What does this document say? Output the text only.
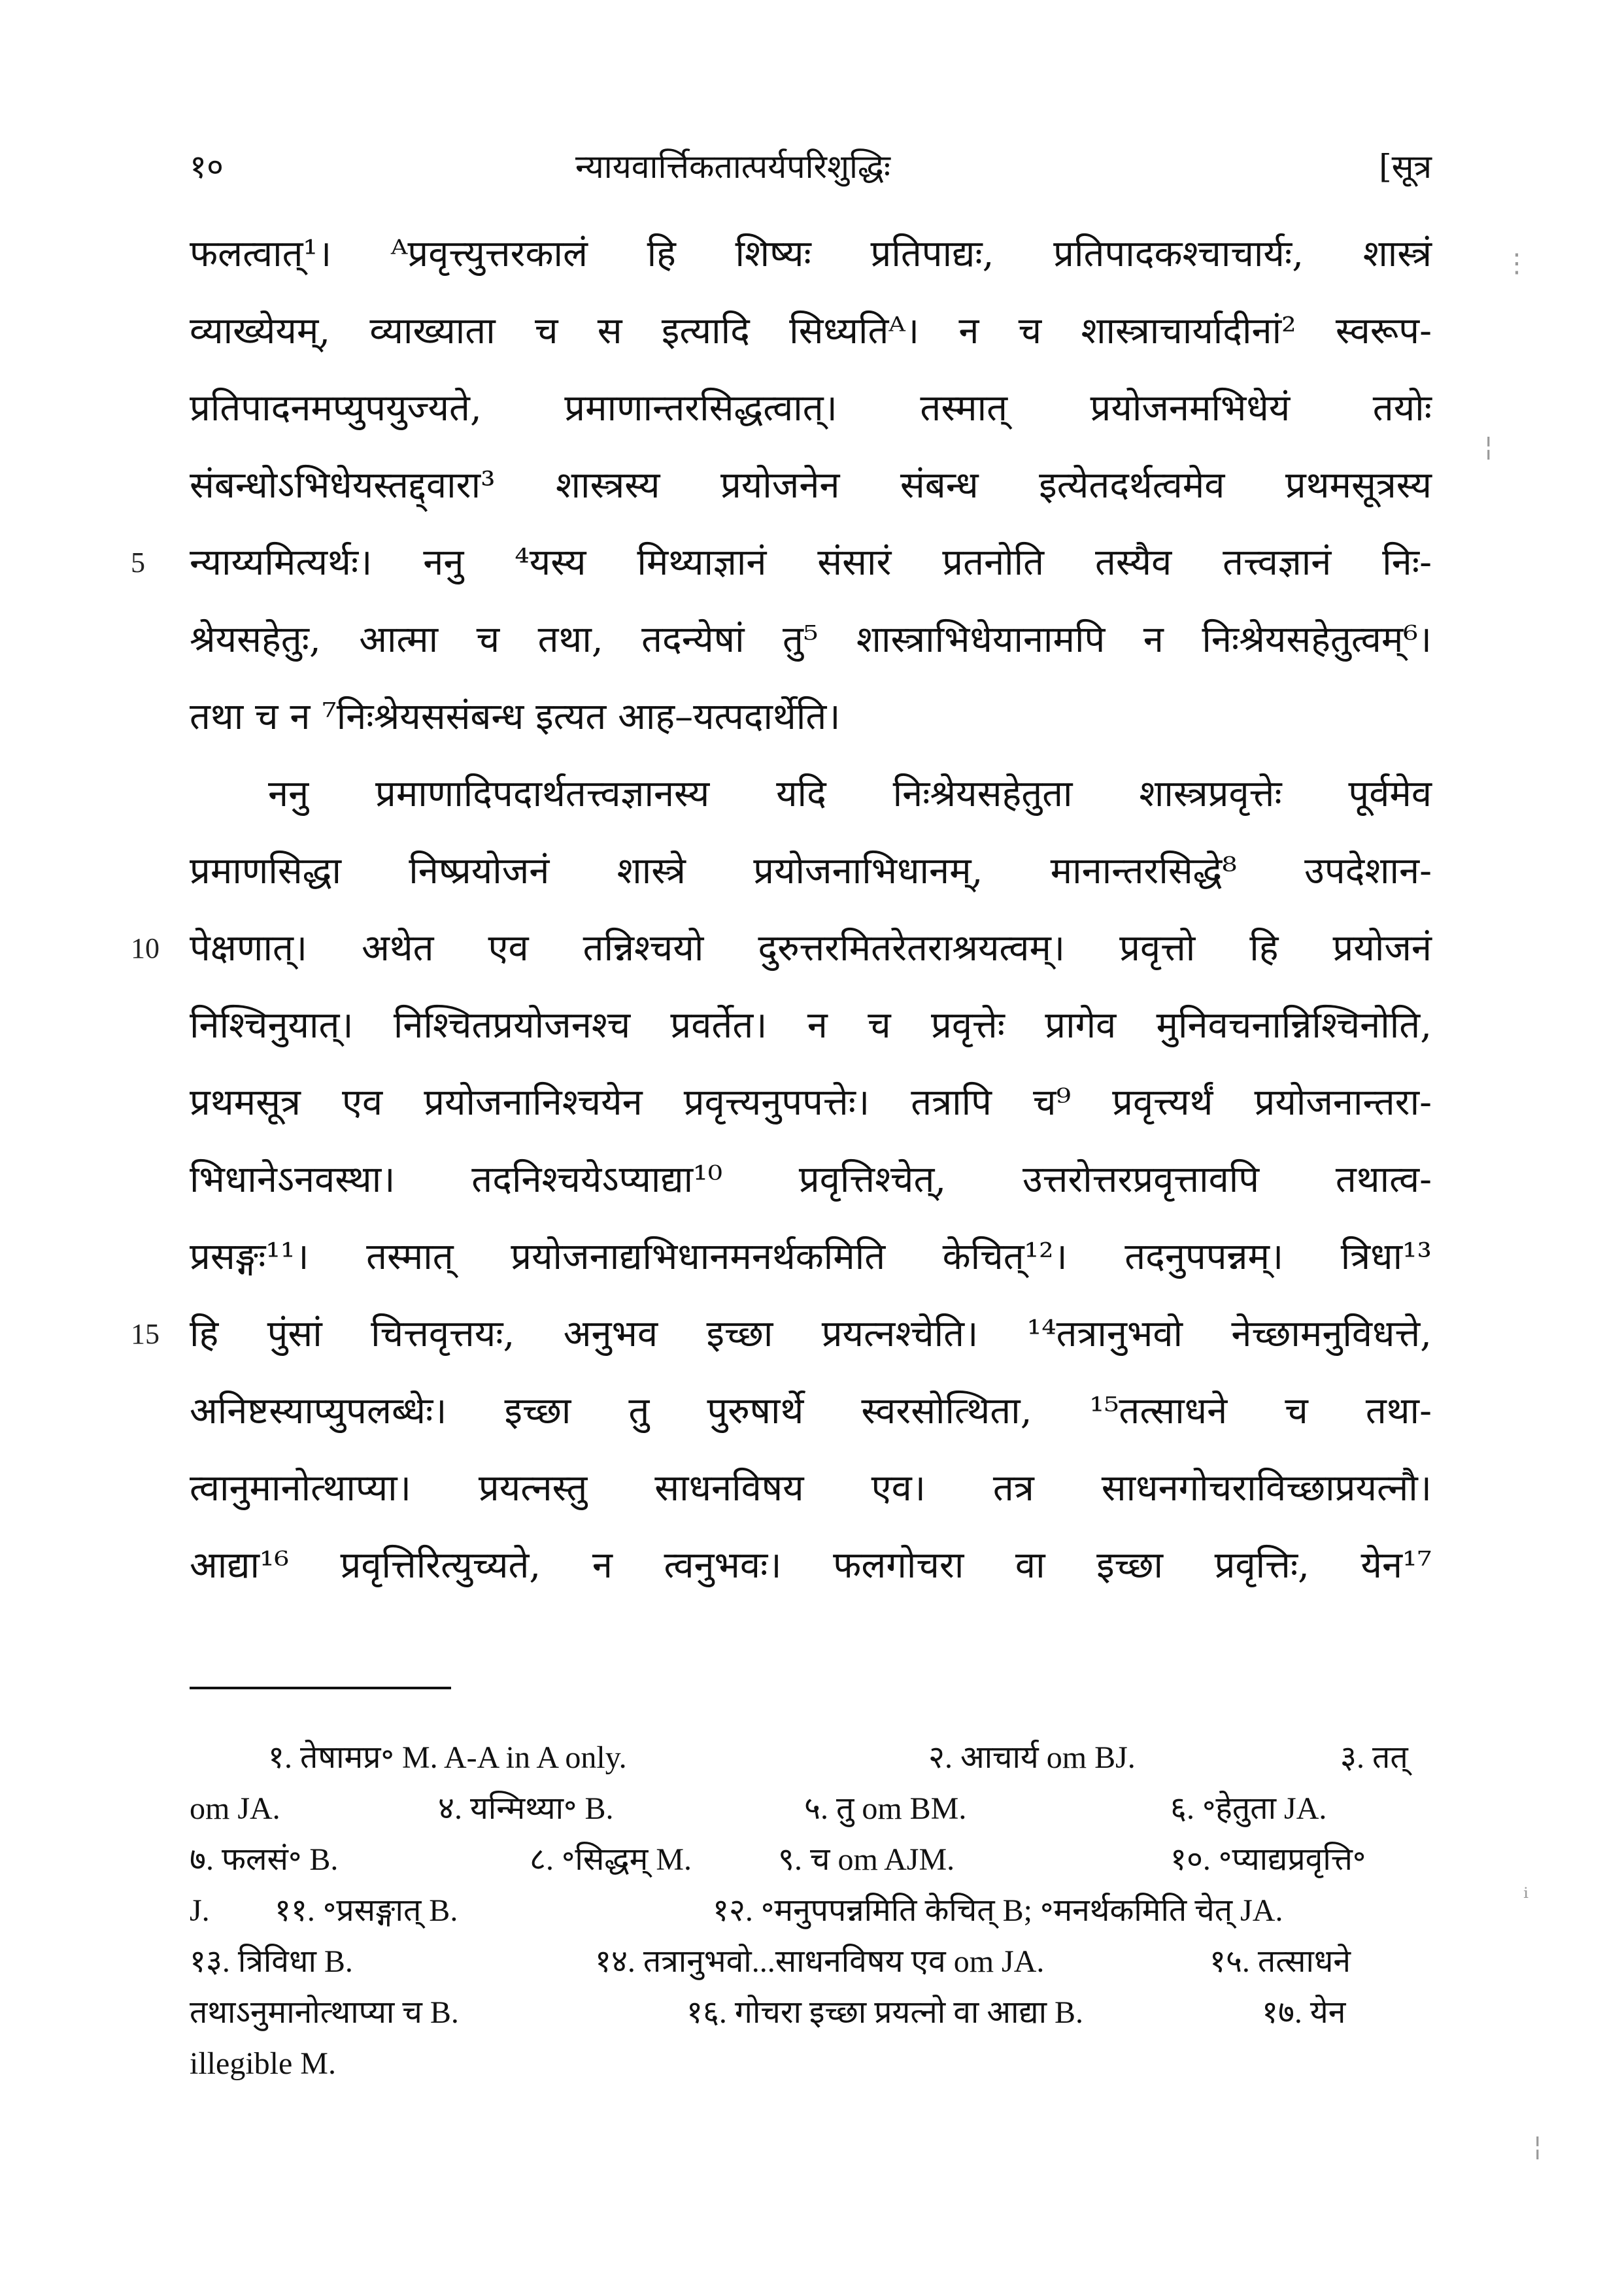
१०	न्यायवार्त्तिकतात्पर्यपरिशुद्धिः	[सूत्र
फलत्वात्¹। ᴬप्रवृत्त्युत्तरकालं हि शिष्यः प्रतिपाद्यः, प्रतिपादकश्चाचार्यः, शास्त्रं
व्याख्येयम्, व्याख्याता च स इत्यादि सिध्यतिᴬ। न च शास्त्राचार्यादीनां² स्वरूप-
प्रतिपादनमप्युपयुज्यते, प्रमाणान्तरसिद्धत्वात्। तस्मात् प्रयोजनमभिधेयं तयोः
संबन्धोऽभिधेयस्तद्द्वारा³ शास्त्रस्य प्रयोजनेन संबन्ध इत्येतदर्थत्वमेव प्रथमसूत्रस्य
5 न्याय्यमित्यर्थः। ननु ⁴यस्य मिथ्याज्ञानं संसारं प्रतनोति तस्यैव तत्त्वज्ञानं निः-
श्रेयसहेतुः, आत्मा च तथा, तदन्येषां तु⁵ शास्त्राभिधेयानामपि न निःश्रेयसहेतुत्वम्⁶।
तथा च न ⁷निःश्रेयससंबन्ध इत्यत आह–यत्पदार्थेति।
ननु प्रमाणादिपदार्थतत्त्वज्ञानस्य यदि निःश्रेयसहेतुता शास्त्रप्रवृत्तेः पूर्वमेव
प्रमाणसिद्धा निष्प्रयोजनं शास्त्रे प्रयोजनाभिधानम्, मानान्तरसिद्धे⁸ उपदेशान-
10 पेक्षणात्। अथेत एव तन्निश्चयो दुरुत्तरमितरेतराश्रयत्वम्। प्रवृत्तो हि प्रयोजनं
निश्चिनुयात्। निश्चितप्रयोजनश्च प्रवर्तेत। न च प्रवृत्तेः प्रागेव मुनिवचनान्निश्चिनोति,
प्रथमसूत्र एव प्रयोजनानिश्चयेन प्रवृत्त्यनुपपत्तेः। तत्रापि च⁹ प्रवृत्त्यर्थं प्रयोजनान्तरा-
भिधानेऽनवस्था। तदनिश्चयेऽप्याद्या¹⁰ प्रवृत्तिश्चेत्, उत्तरोत्तरप्रवृत्तावपि तथात्व-
प्रसङ्गः¹¹। तस्मात् प्रयोजनाद्यभिधानमनर्थकमिति केचित्¹²। तदनुपपन्नम्। त्रिधा¹³
15 हि पुंसां चित्तवृत्तयः, अनुभव इच्छा प्रयत्नश्चेति। ¹⁴तत्रानुभवो नेच्छामनुविधत्ते,
अनिष्टस्याप्युपलब्धेः। इच्छा तु पुरुषार्थे स्वरसोत्थिता, ¹⁵तत्साधने च तथा-
त्वानुमानोत्थाप्या। प्रयत्नस्तु साधनविषय एव। तत्र साधनगोचराविच्छाप्रयत्नौ।
आद्या¹⁶ प्रवृत्तिरित्युच्यते, न त्वनुभवः। फलगोचरा वा इच्छा प्रवृत्तिः, येन¹⁷
१. तेषामप्र॰ M. A-A in A only.	२. आचार्य om BJ.	३. तत्
om JA.	४. यन्मिथ्या॰ B.	५. तु om BM.	६. ॰हेतुता JA.
७. फलसं॰ B.	८. ॰सिद्धम् M.	९. च om AJM.	१०. ॰प्याद्यप्रवृत्ति॰
J. ११. ॰प्रसङ्गात् B.	१२. ॰मनुपपन्नमिति केचित् B; ॰मनर्थकमिति चेत् JA.
१३. त्रिविधा B.	१४. तत्रानुभवो...साधनविषय एव om JA.	१५. तत्साधने
तथाऽनुमानोत्थाप्या च B.	१६. गोचरा इच्छा प्रयत्नो वा आद्या B.	१७. येन
illegible M.
⋮
¦
ⁱ
¦
